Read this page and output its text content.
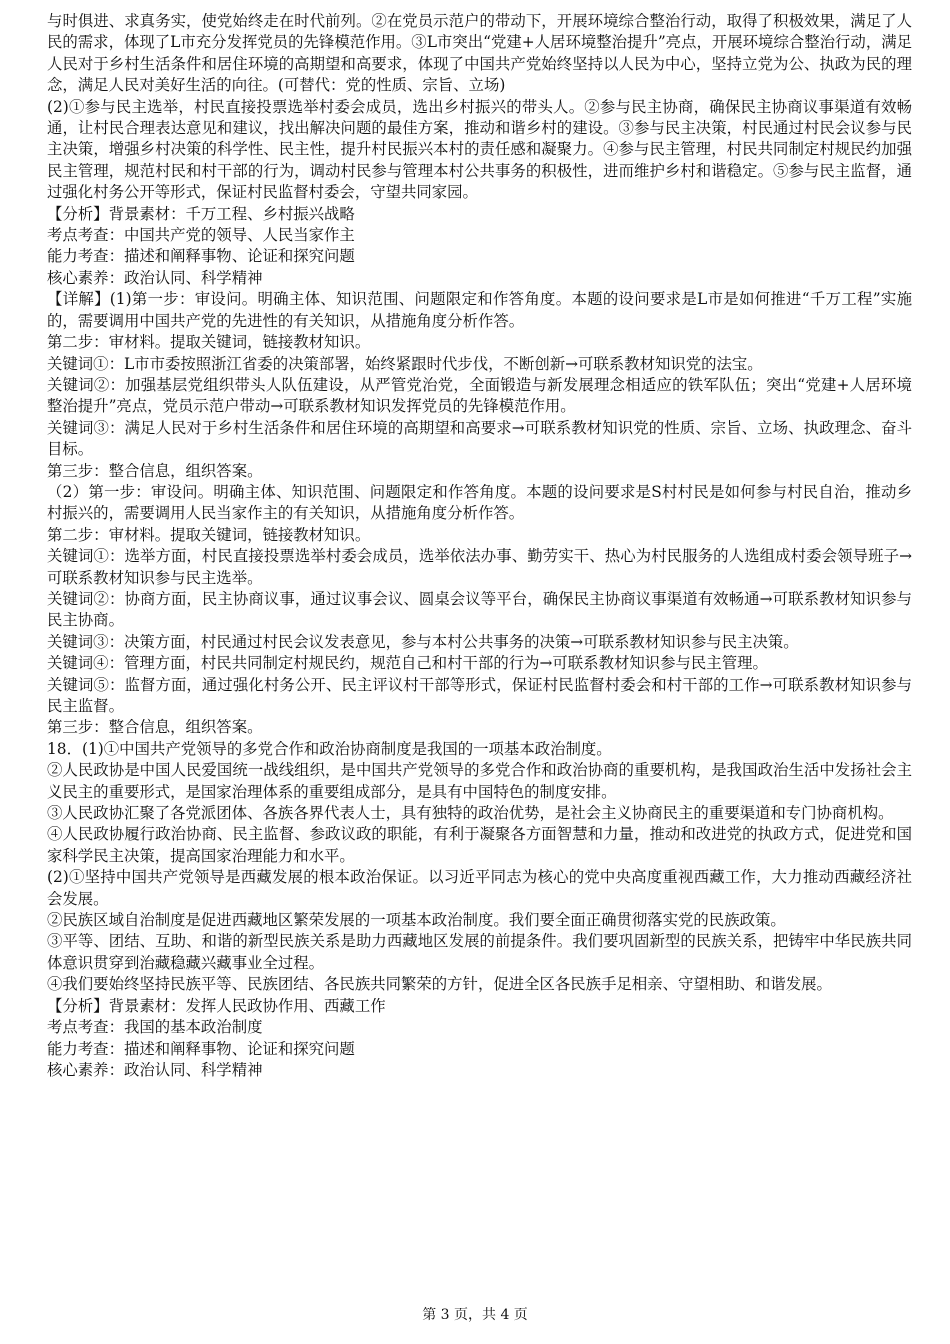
与时俱进、求真务实，使党始终走在时代前列。②在党员示范户的带动下，开展环境综合整治行动，取得了积极效果，满足了人民的需求，体现了L市充分发挥党员的先锋模范作用。③L市突出“党建+人居环境整治提升”亮点，开展环境综合整治行动，满足人民对于乡村生活条件和居住环境的高期望和高要求，体现了中国共产党始终坚持以人民为中心，坚持立党为公、执政为民的理念，满足人民对美好生活的向往。(可替代：党的性质、宗旨、立场)

(2)①参与民主选举，村民直接投票选举村委会成员，选出乡村振兴的带头人。②参与民主协商，确保民主协商议事渠道有效畅通，让村民合理表达意见和建议，找出解决问题的最佳方案，推动和谐乡村的建设。③参与民主决策，村民通过村民会议参与民主决策，增强乡村决策的科学性、民主性，提升村民振兴本村的责任感和凝聚力。④参与民主管理，村民共同制定村规民约加强民主管理，规范村民和村干部的行为，调动村民参与管理本村公共事务的积极性，进而维护乡村和谐稳定。⑤参与民主监督，通过强化村务公开等形式，保证村民监督村委会，守望共同家园。

【分析】背景素材：千万工程、乡村振兴战略

考点考查：中国共产党的领导、人民当家作主

能力考查：描述和阐释事物、论证和探究问题

核心素养：政治认同、科学精神

【详解】(1)第一步：审设问。明确主体、知识范围、问题限定和作答角度。本题的设问要求是L市是如何推进“千万工程”实施的，需要调用中国共产党的先进性的有关知识，从措施角度分析作答。

第二步：审材料。提取关键词，链接教材知识。

关键词①：L市市委按照浙江省委的决策部署，始终紧跟时代步伐，不断创新→可联系教材知识党的法宝。

关键词②：加强基层党组织带头人队伍建设，从严管党治党，全面锻造与新发展理念相适应的铁军队伍；突出“党建+人居环境整治提升”亮点，党员示范户带动→可联系教材知识发挥党员的先锋模范作用。

关键词③：满足人民对于乡村生活条件和居住环境的高期望和高要求→可联系教材知识党的性质、宗旨、立场、执政理念、奋斗目标。

第三步：整合信息，组织答案。

（2）第一步：审设问。明确主体、知识范围、问题限定和作答角度。本题的设问要求是S村村民是如何参与村民自治，推动乡村振兴的，需要调用人民当家作主的有关知识，从措施角度分析作答。

第二步：审材料。提取关键词，链接教材知识。

关键词①：选举方面，村民直接投票选举村委会成员，选举依法办事、勤劳实干、热心为村民服务的人选组成村委会领导班子→可联系教材知识参与民主选举。

关键词②：协商方面，民主协商议事，通过议事会议、圆桌会议等平台，确保民主协商议事渠道有效畅通→可联系教材知识参与民主协商。

关键词③：决策方面，村民通过村民会议发表意见，参与本村公共事务的决策→可联系教材知识参与民主决策。

关键词④：管理方面，村民共同制定村规民约，规范自己和村干部的行为→可联系教材知识参与民主管理。

关键词⑤：监督方面，通过强化村务公开、民主评议村干部等形式，保证村民监督村委会和村干部的工作→可联系教材知识参与民主监督。

第三步：整合信息，组织答案。

18．(1)①中国共产党领导的多党合作和政治协商制度是我国的一项基本政治制度。

②人民政协是中国人民爱国统一战线组织，是中国共产党领导的多党合作和政治协商的重要机构，是我国政治生活中发扬社会主义民主的重要形式，是国家治理体系的重要组成部分，是具有中国特色的制度安排。

③人民政协汇聚了各党派团体、各族各界代表人士，具有独特的政治优势，是社会主义协商民主的重要渠道和专门协商机构。

④人民政协履行政治协商、民主监督、参政议政的职能，有利于凝聚各方面智慧和力量，推动和改进党的执政方式，促进党和国家科学民主决策，提高国家治理能力和水平。

(2)①坚持中国共产党领导是西藏发展的根本政治保证。以习近平同志为核心的党中央高度重视西藏工作，大力推动西藏经济社会发展。

②民族区域自治制度是促进西藏地区繁荣发展的一项基本政治制度。我们要全面正确贯彻落实党的民族政策。

③平等、团结、互助、和谐的新型民族关系是助力西藏地区发展的前提条件。我们要巩固新型的民族关系，把铸牢中华民族共同体意识贯穿到治藏稳藏兴藏事业全过程。

④我们要始终坚持民族平等、民族团结、各民族共同繁荣的方针，促进全区各民族手足相亲、守望相助、和谐发展。

【分析】背景素材：发挥人民政协作用、西藏工作

考点考查：我国的基本政治制度

能力考查：描述和阐释事物、论证和探究问题

核心素养：政治认同、科学精神

第 3 页，共 4 页
